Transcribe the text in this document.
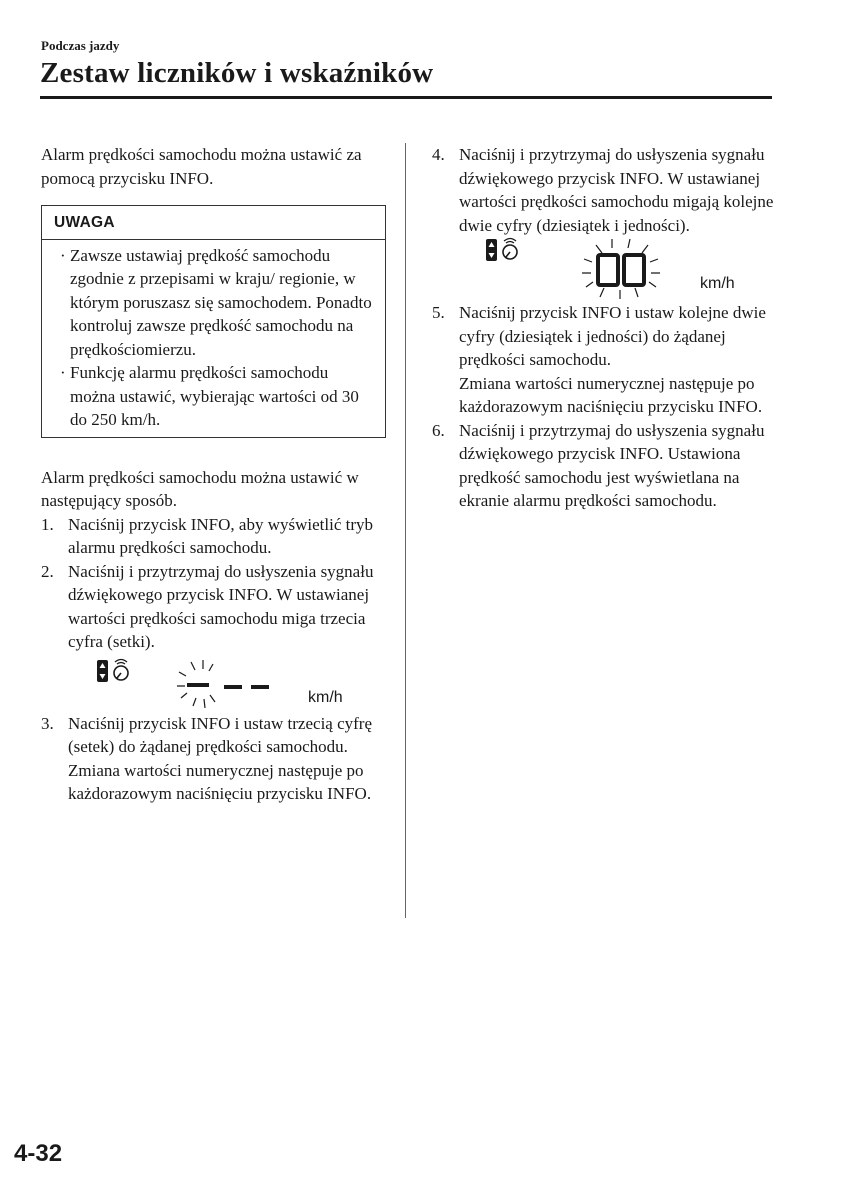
Podczas jazdy
Zestaw liczników i wskaźników

Alarm prędkości samochodu można ustawić za pomocą przycisku INFO.

UWAGA
· Zawsze ustawiaj prędkość samochodu zgodnie z przepisami w kraju/ regionie, w którym poruszasz się samochodem. Ponadto kontroluj zawsze prędkość samochodu na prędkościomierzu.
· Funkcję alarmu prędkości samochodu można ustawić, wybierając wartości od 30 do 250 km/h.

Alarm prędkości samochodu można ustawić w następujący sposób.

1. Naciśnij przycisk INFO, aby wyświetlić tryb alarmu prędkości samochodu.
2. Naciśnij i przytrzymaj do usłyszenia sygnału dźwiękowego przycisk INFO. W ustawianej wartości prędkości samochodu miga trzecia cyfra (setki).
km/h
3. Naciśnij przycisk INFO i ustaw trzecią cyfrę (setek) do żądanej prędkości samochodu.
Zmiana wartości numerycznej następuje po każdorazowym naciśnięciu przycisku INFO.
4. Naciśnij i przytrzymaj do usłyszenia sygnału dźwiękowego przycisk INFO. W ustawianej wartości prędkości samochodu migają kolejne dwie cyfry (dziesiątek i jedności).
km/h
5. Naciśnij przycisk INFO i ustaw kolejne dwie cyfry (dziesiątek i jedności) do żądanej prędkości samochodu.
Zmiana wartości numerycznej następuje po każdorazowym naciśnięciu przycisku INFO.
6. Naciśnij i przytrzymaj do usłyszenia sygnału dźwiękowego przycisk INFO. Ustawiona prędkość samochodu jest wyświetlana na ekranie alarmu prędkości samochodu.
4-32
